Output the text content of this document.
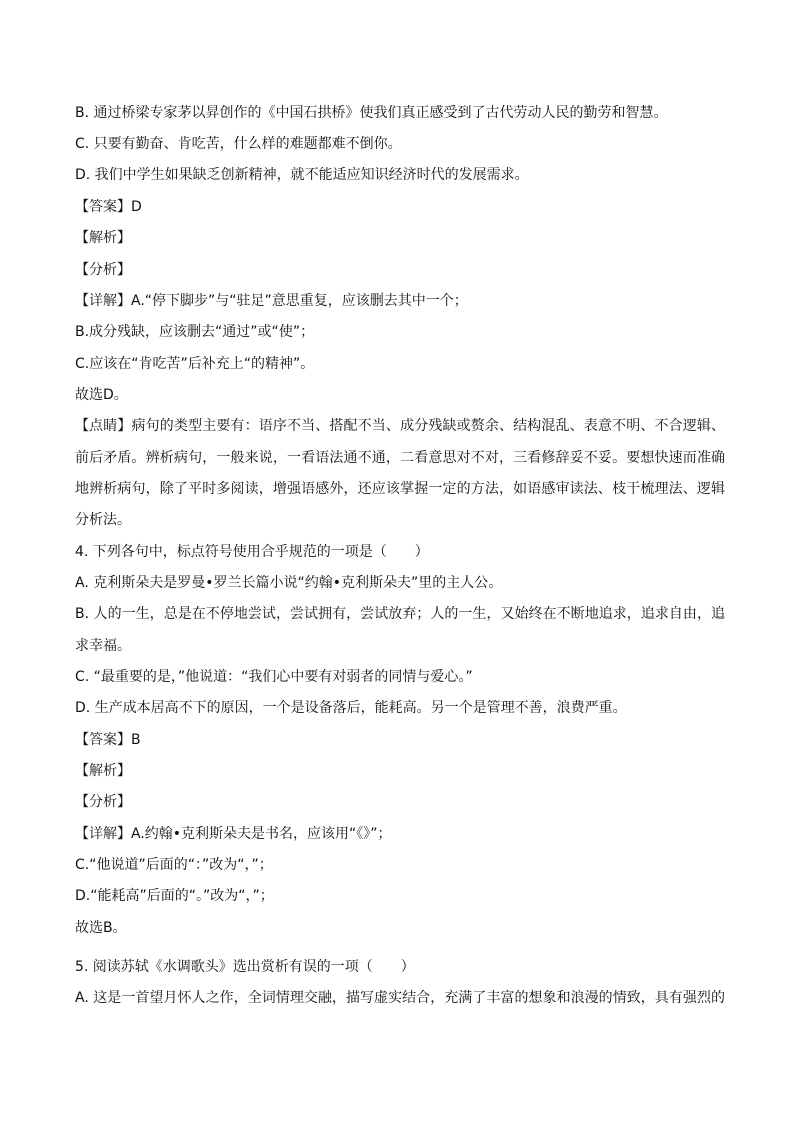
B. 通过桥梁专家茅以昇创作的《中国石拱桥》使我们真正感受到了古代劳动人民的勤劳和智慧。
C. 只要有勤奋、肯吃苦，什么样的难题都难不倒你。
D. 我们中学生如果缺乏创新精神，就不能适应知识经济时代的发展需求。
【答案】D
【解析】
【分析】
【详解】A.“停下脚步”与“驻足”意思重复，应该删去其中一个；
B.成分残缺，应该删去“通过”或“使”；
C.应该在“肯吃苦”后补充上“的精神”。
故选D。
【点睛】病句的类型主要有：语序不当、搭配不当、成分残缺或赘余、结构混乱、表意不明、不合逻辑、
前后矛盾。辨析病句，一般来说，一看语法通不通，二看意思对不对，三看修辞妥不妥。要想快速而准确
地辨析病句，除了平时多阅读，增强语感外，还应该掌握一定的方法，如语感审读法、枝干梳理法、逻辑
分析法。
4. 下列各句中，标点符号使用合乎规范的一项是（　　）
A. 克利斯朵夫是罗曼•罗兰长篇小说“约翰•克利斯朵夫”里的主人公。
B. 人的一生，总是在不停地尝试，尝试拥有，尝试放弃；人的一生，又始终在不断地追求，追求自由，追
求幸福。
C. “最重要的是，”他说道：“我们心中要有对弱者的同情与爱心。”
D. 生产成本居高不下的原因，一个是设备落后，能耗高。另一个是管理不善，浪费严重。
【答案】B
【解析】
【分析】
【详解】A.约翰•克利斯朵夫是书名，应该用“《》”；
C.“他说道”后面的“：”改为“，”；
D.“能耗高”后面的“。”改为“，”；
故选B。
5. 阅读苏轼《水调歌头》选出赏析有误的一项（　　）
A. 这是一首望月怀人之作，全词情理交融，描写虚实结合，充满了丰富的想象和浪漫的情致，具有强烈的
